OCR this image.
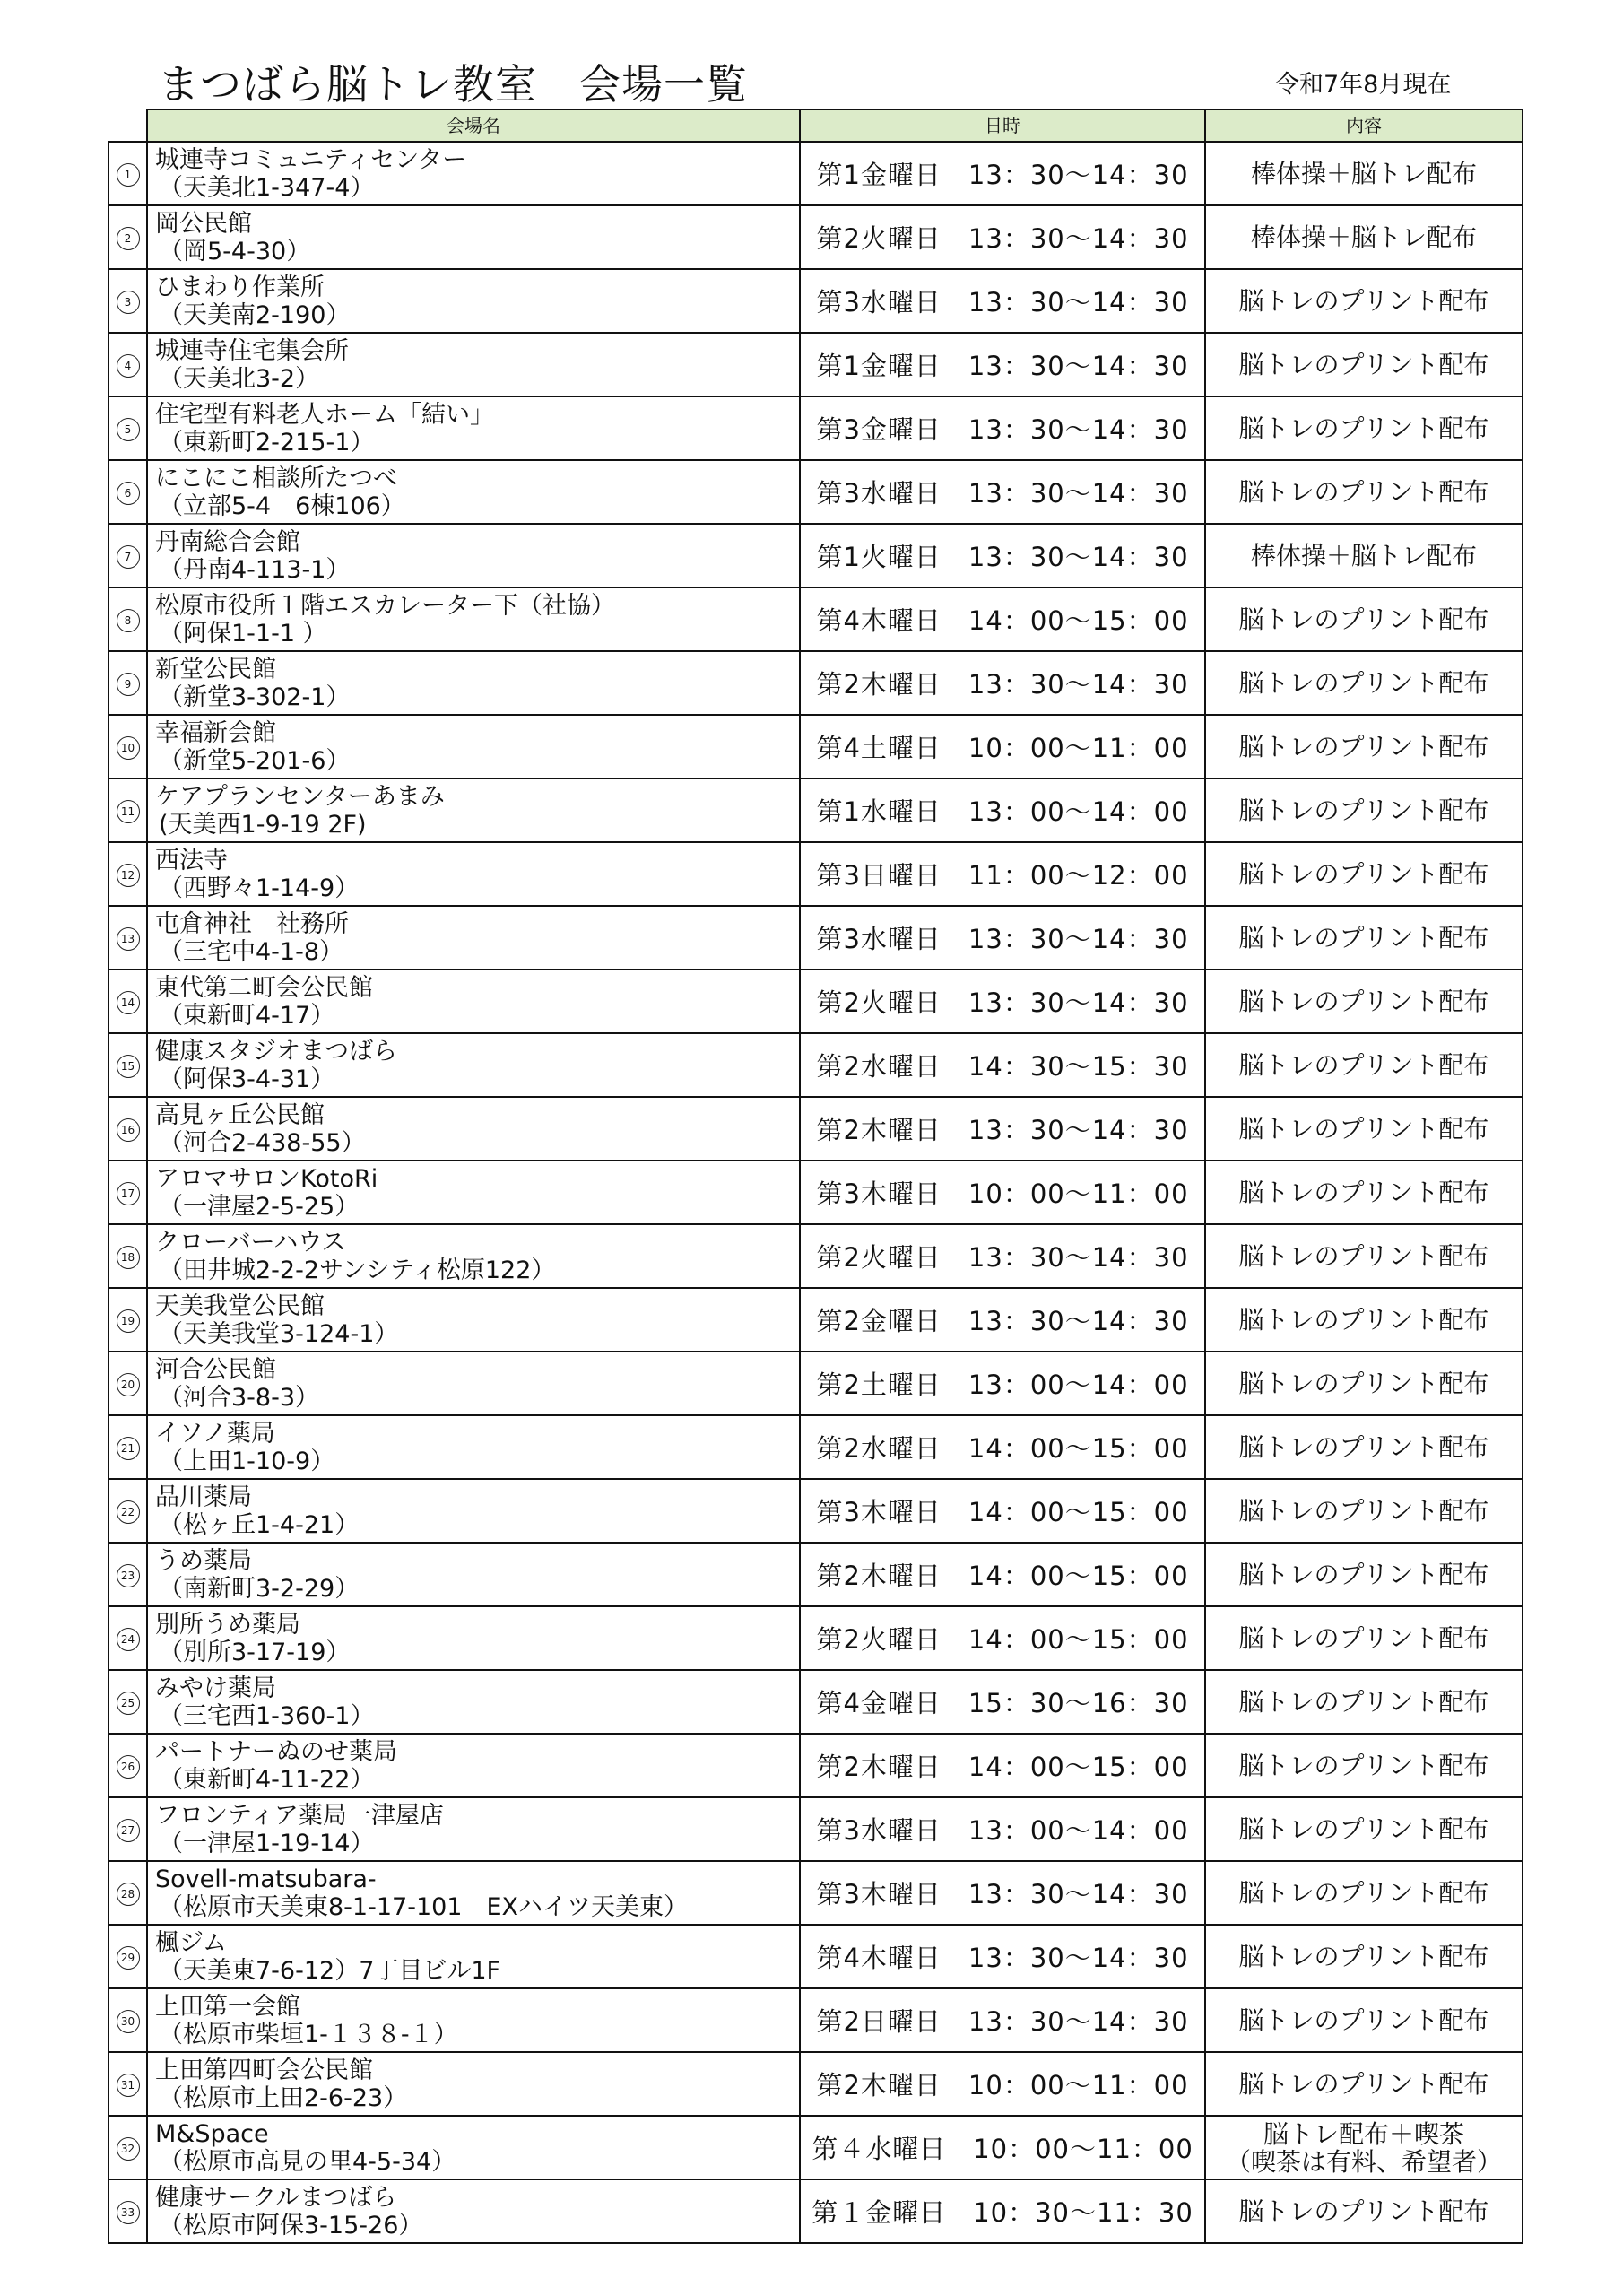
まつばら脳トレ教室　会場一覧	令和7年8月現在
	会場名	日時	内容
1	城連寺コミュニティセンター
（天美北1-347-4）	第1金曜日　13：30～14：30	棒体操＋脳トレ配布
2	岡公民館
（岡5-4-30）	第2火曜日　13：30～14：30	棒体操＋脳トレ配布
3	ひまわり作業所
（天美南2-190）	第3水曜日　13：30～14：30	脳トレのプリント配布
4	城連寺住宅集会所
（天美北3-2）	第1金曜日　13：30～14：30	脳トレのプリント配布
5	住宅型有料老人ホーム「結い」
（東新町2-215-1）	第3金曜日　13：30～14：30	脳トレのプリント配布
6	にこにこ相談所たつべ
（立部5-4　6棟106）	第3水曜日　13：30～14：30	脳トレのプリント配布
7	丹南総合会館
（丹南4-113-1）	第1火曜日　13：30～14：30	棒体操＋脳トレ配布
8	松原市役所１階エスカレーター下（社協）
（阿保1-1-1 ）	第4木曜日　14：00～15：00	脳トレのプリント配布
9	新堂公民館
（新堂3-302-1）	第2木曜日　13：30～14：30	脳トレのプリント配布
10	幸福新会館
（新堂5-201-6）	第4土曜日　10：00～11：00	脳トレのプリント配布
11	ケアプランセンターあまみ
(天美西1-9-19 2F)	第1水曜日　13：00～14：00	脳トレのプリント配布
12	西法寺
（西野々1-14-9）	第3日曜日　11：00～12：00	脳トレのプリント配布
13	屯倉神社　社務所
（三宅中4-1-8）	第3水曜日　13：30～14：30	脳トレのプリント配布
14	東代第二町会公民館
（東新町4-17）	第2火曜日　13：30～14：30	脳トレのプリント配布
15	健康スタジオまつばら
（阿保3-4-31）	第2水曜日　14：30～15：30	脳トレのプリント配布
16	高見ヶ丘公民館
（河合2-438-55）	第2木曜日　13：30～14：30	脳トレのプリント配布
17	アロマサロンKotoRi
（一津屋2-5-25）	第3木曜日　10：00～11：00	脳トレのプリント配布
18	クローバーハウス
（田井城2-2-2サンシティ松原122）	第2火曜日　13：30～14：30	脳トレのプリント配布
19	天美我堂公民館
（天美我堂3-124-1）	第2金曜日　13：30～14：30	脳トレのプリント配布
20	河合公民館
（河合3-8-3）	第2土曜日　13：00～14：00	脳トレのプリント配布
21	イソノ薬局
（上田1-10-9）	第2水曜日　14：00～15：00	脳トレのプリント配布
22	品川薬局
（松ヶ丘1-4-21）	第3木曜日　14：00～15：00	脳トレのプリント配布
23	うめ薬局
（南新町3-2-29）	第2木曜日　14：00～15：00	脳トレのプリント配布
24	別所うめ薬局
（別所3-17-19）	第2火曜日　14：00～15：00	脳トレのプリント配布
25	みやけ薬局
（三宅西1-360-1）	第4金曜日　15：30～16：30	脳トレのプリント配布
26	パートナーぬのせ薬局
（東新町4-11-22）	第2木曜日　14：00～15：00	脳トレのプリント配布
27	フロンティア薬局一津屋店
（一津屋1-19-14）	第3水曜日　13：00～14：00	脳トレのプリント配布
28	Sovell-matsubara-
（松原市天美東8-1-17-101　EXハイツ天美東）	第3木曜日　13：30～14：30	脳トレのプリント配布
29	楓ジム
（天美東7-6-12）7丁目ビル1F	第4木曜日　13：30～14：30	脳トレのプリント配布
30	上田第一会館
（松原市柴垣1-１３８-１）	第2日曜日　13：30～14：30	脳トレのプリント配布
31	上田第四町会公民館
（松原市上田2-6-23）	第2木曜日　10：00～11：00	脳トレのプリント配布
32	M&Space
（松原市高見の里4-5-34）	第４水曜日　10：00～11：00	脳トレ配布＋喫茶
（喫茶は有料、希望者）
33	健康サークルまつばら
（松原市阿保3-15-26）	第１金曜日　10：30～11：30	脳トレのプリント配布
